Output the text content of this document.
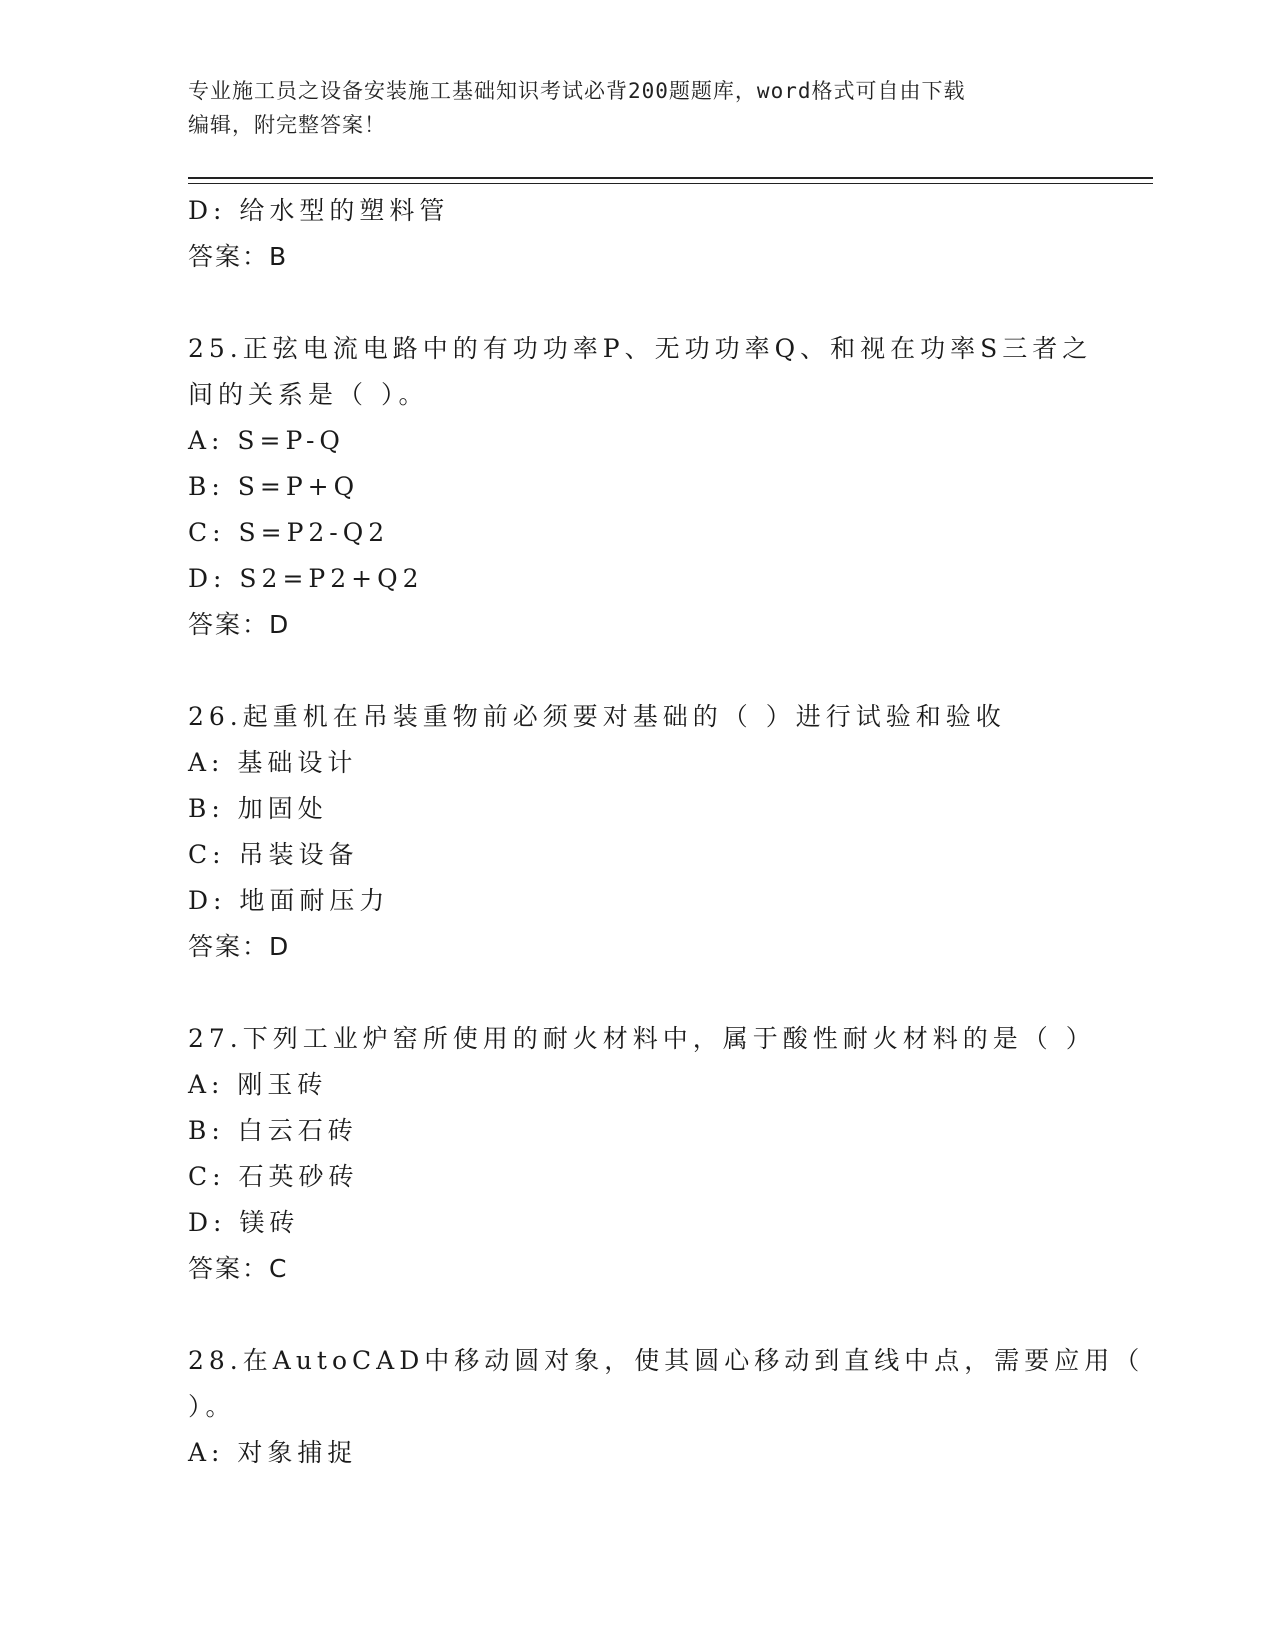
专业施工员之设备安装施工基础知识考试必背200题题库，word格式可自由下载
编辑，附完整答案！
D: 给水型的塑料管
答案：B
25.正弦电流电路中的有功功率P、无功功率Q、和视在功率S三者之
间的关系是（ ）。
A: S=P-Q
B: S=P+Q
C: S=P2-Q2
D: S2=P2+Q2
答案：D
26.起重机在吊装重物前必须要对基础的（ ）进行试验和验收
A: 基础设计
B: 加固处
C: 吊装设备
D: 地面耐压力
答案：D
27.下列工业炉窑所使用的耐火材料中，属于酸性耐火材料的是（ ）
A: 刚玉砖
B: 白云石砖
C: 石英砂砖
D: 镁砖
答案：C
28.在AutoCAD中移动圆对象，使其圆心移动到直线中点，需要应用（
）。
A: 对象捕捉
